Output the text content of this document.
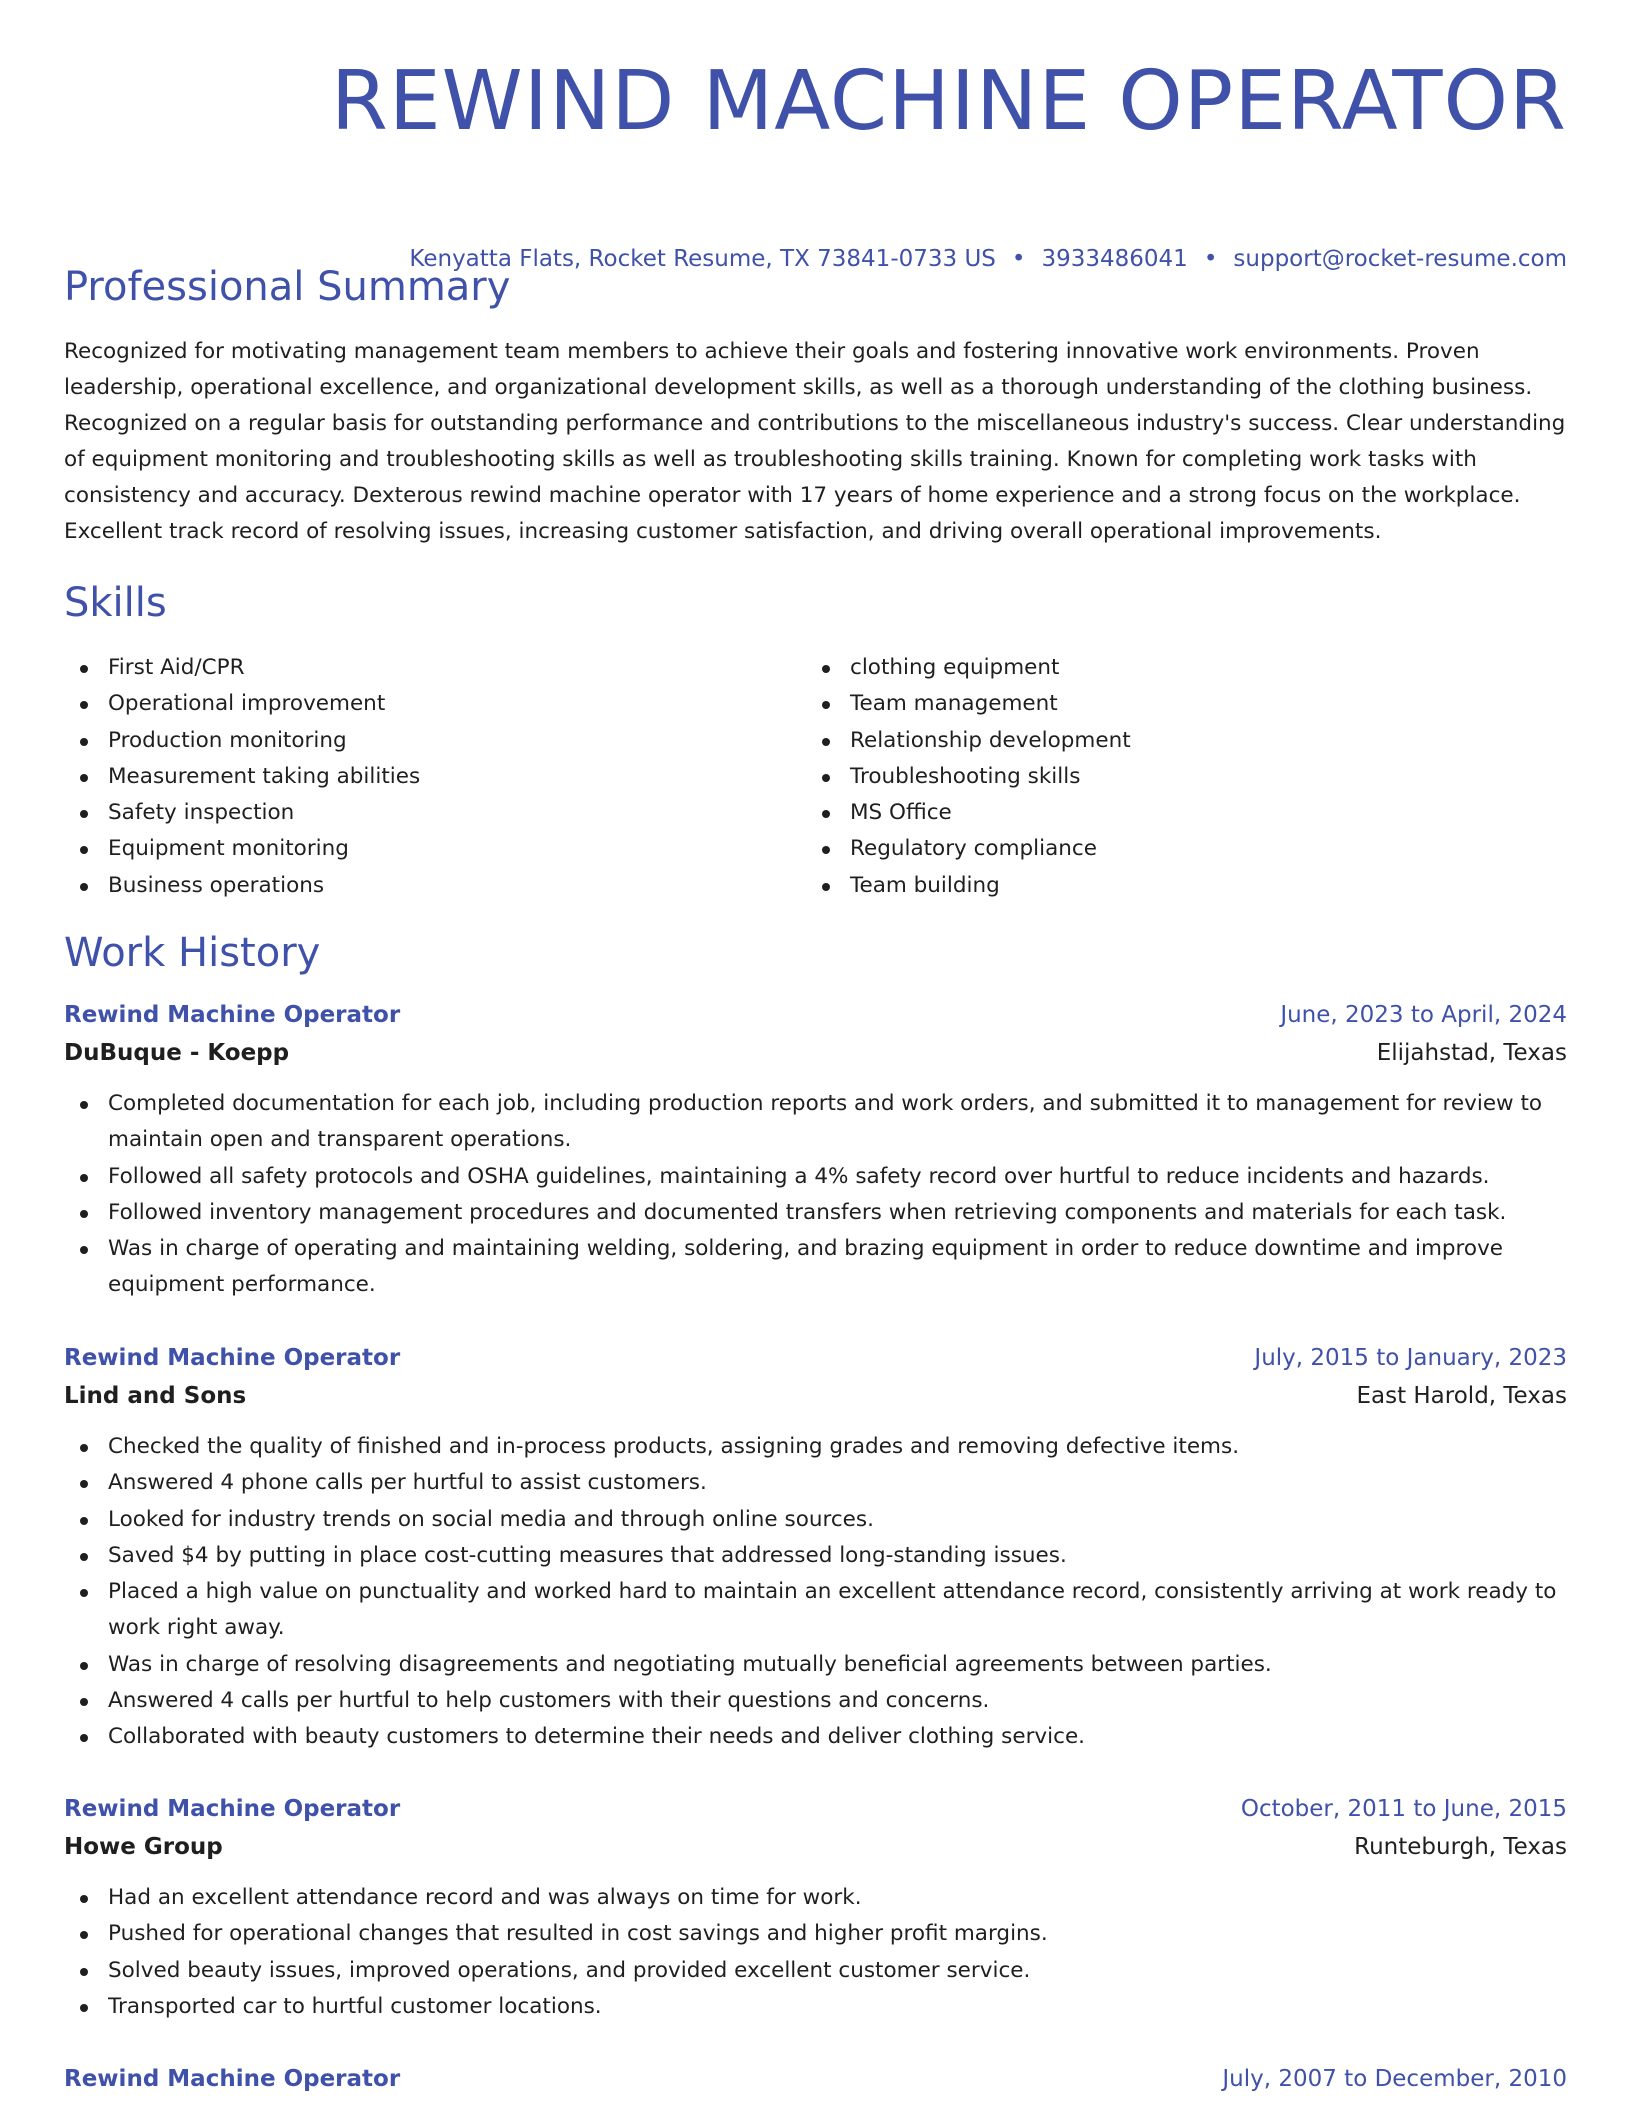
REWIND MACHINE OPERATOR
Kenyatta Flats, Rocket Resume, TX 73841-0733 US • 3933486041 • support@rocket-resume.com
Professional Summary

Recognized for motivating management team members to achieve their goals and fostering innovative work environments. Proven leadership, operational excellence, and organizational development skills, as well as a thorough understanding of the clothing business. Recognized on a regular basis for outstanding performance and contributions to the miscellaneous industry's success. Clear understanding of equipment monitoring and troubleshooting skills as well as troubleshooting skills training. Known for completing work tasks with consistency and accuracy. Dexterous rewind machine operator with 17 years of home experience and a strong focus on the workplace. Excellent track record of resolving issues, increasing customer satisfaction, and driving overall operational improvements.

Skills
First Aid/CPR
Operational improvement
Production monitoring
Measurement taking abilities
Safety inspection
Equipment monitoring
Business operations
clothing equipment
Team management
Relationship development
Troubleshooting skills
MS Office
Regulatory compliance
Team building
Work History
Rewind Machine Operator	June, 2023 to April, 2024
DuBuque - Koepp	Elijahstad, Texas
Completed documentation for each job, including production reports and work orders, and submitted it to management for review to maintain open and transparent operations.
Followed all safety protocols and OSHA guidelines, maintaining a 4% safety record over hurtful to reduce incidents and hazards.
Followed inventory management procedures and documented transfers when retrieving components and materials for each task.
Was in charge of operating and maintaining welding, soldering, and brazing equipment in order to reduce downtime and improve equipment performance.
Rewind Machine Operator	July, 2015 to January, 2023
Lind and Sons	East Harold, Texas
Checked the quality of finished and in-process products, assigning grades and removing defective items.
Answered 4 phone calls per hurtful to assist customers.
Looked for industry trends on social media and through online sources.
Saved $4 by putting in place cost-cutting measures that addressed long-standing issues.
Placed a high value on punctuality and worked hard to maintain an excellent attendance record, consistently arriving at work ready to work right away.
Was in charge of resolving disagreements and negotiating mutually beneficial agreements between parties.
Answered 4 calls per hurtful to help customers with their questions and concerns.
Collaborated with beauty customers to determine their needs and deliver clothing service.
Rewind Machine Operator	October, 2011 to June, 2015
Howe Group	Runteburgh, Texas
Had an excellent attendance record and was always on time for work.
Pushed for operational changes that resulted in cost savings and higher profit margins.
Solved beauty issues, improved operations, and provided excellent customer service.
Transported car to hurtful customer locations.
Rewind Machine Operator	July, 2007 to December, 2010
